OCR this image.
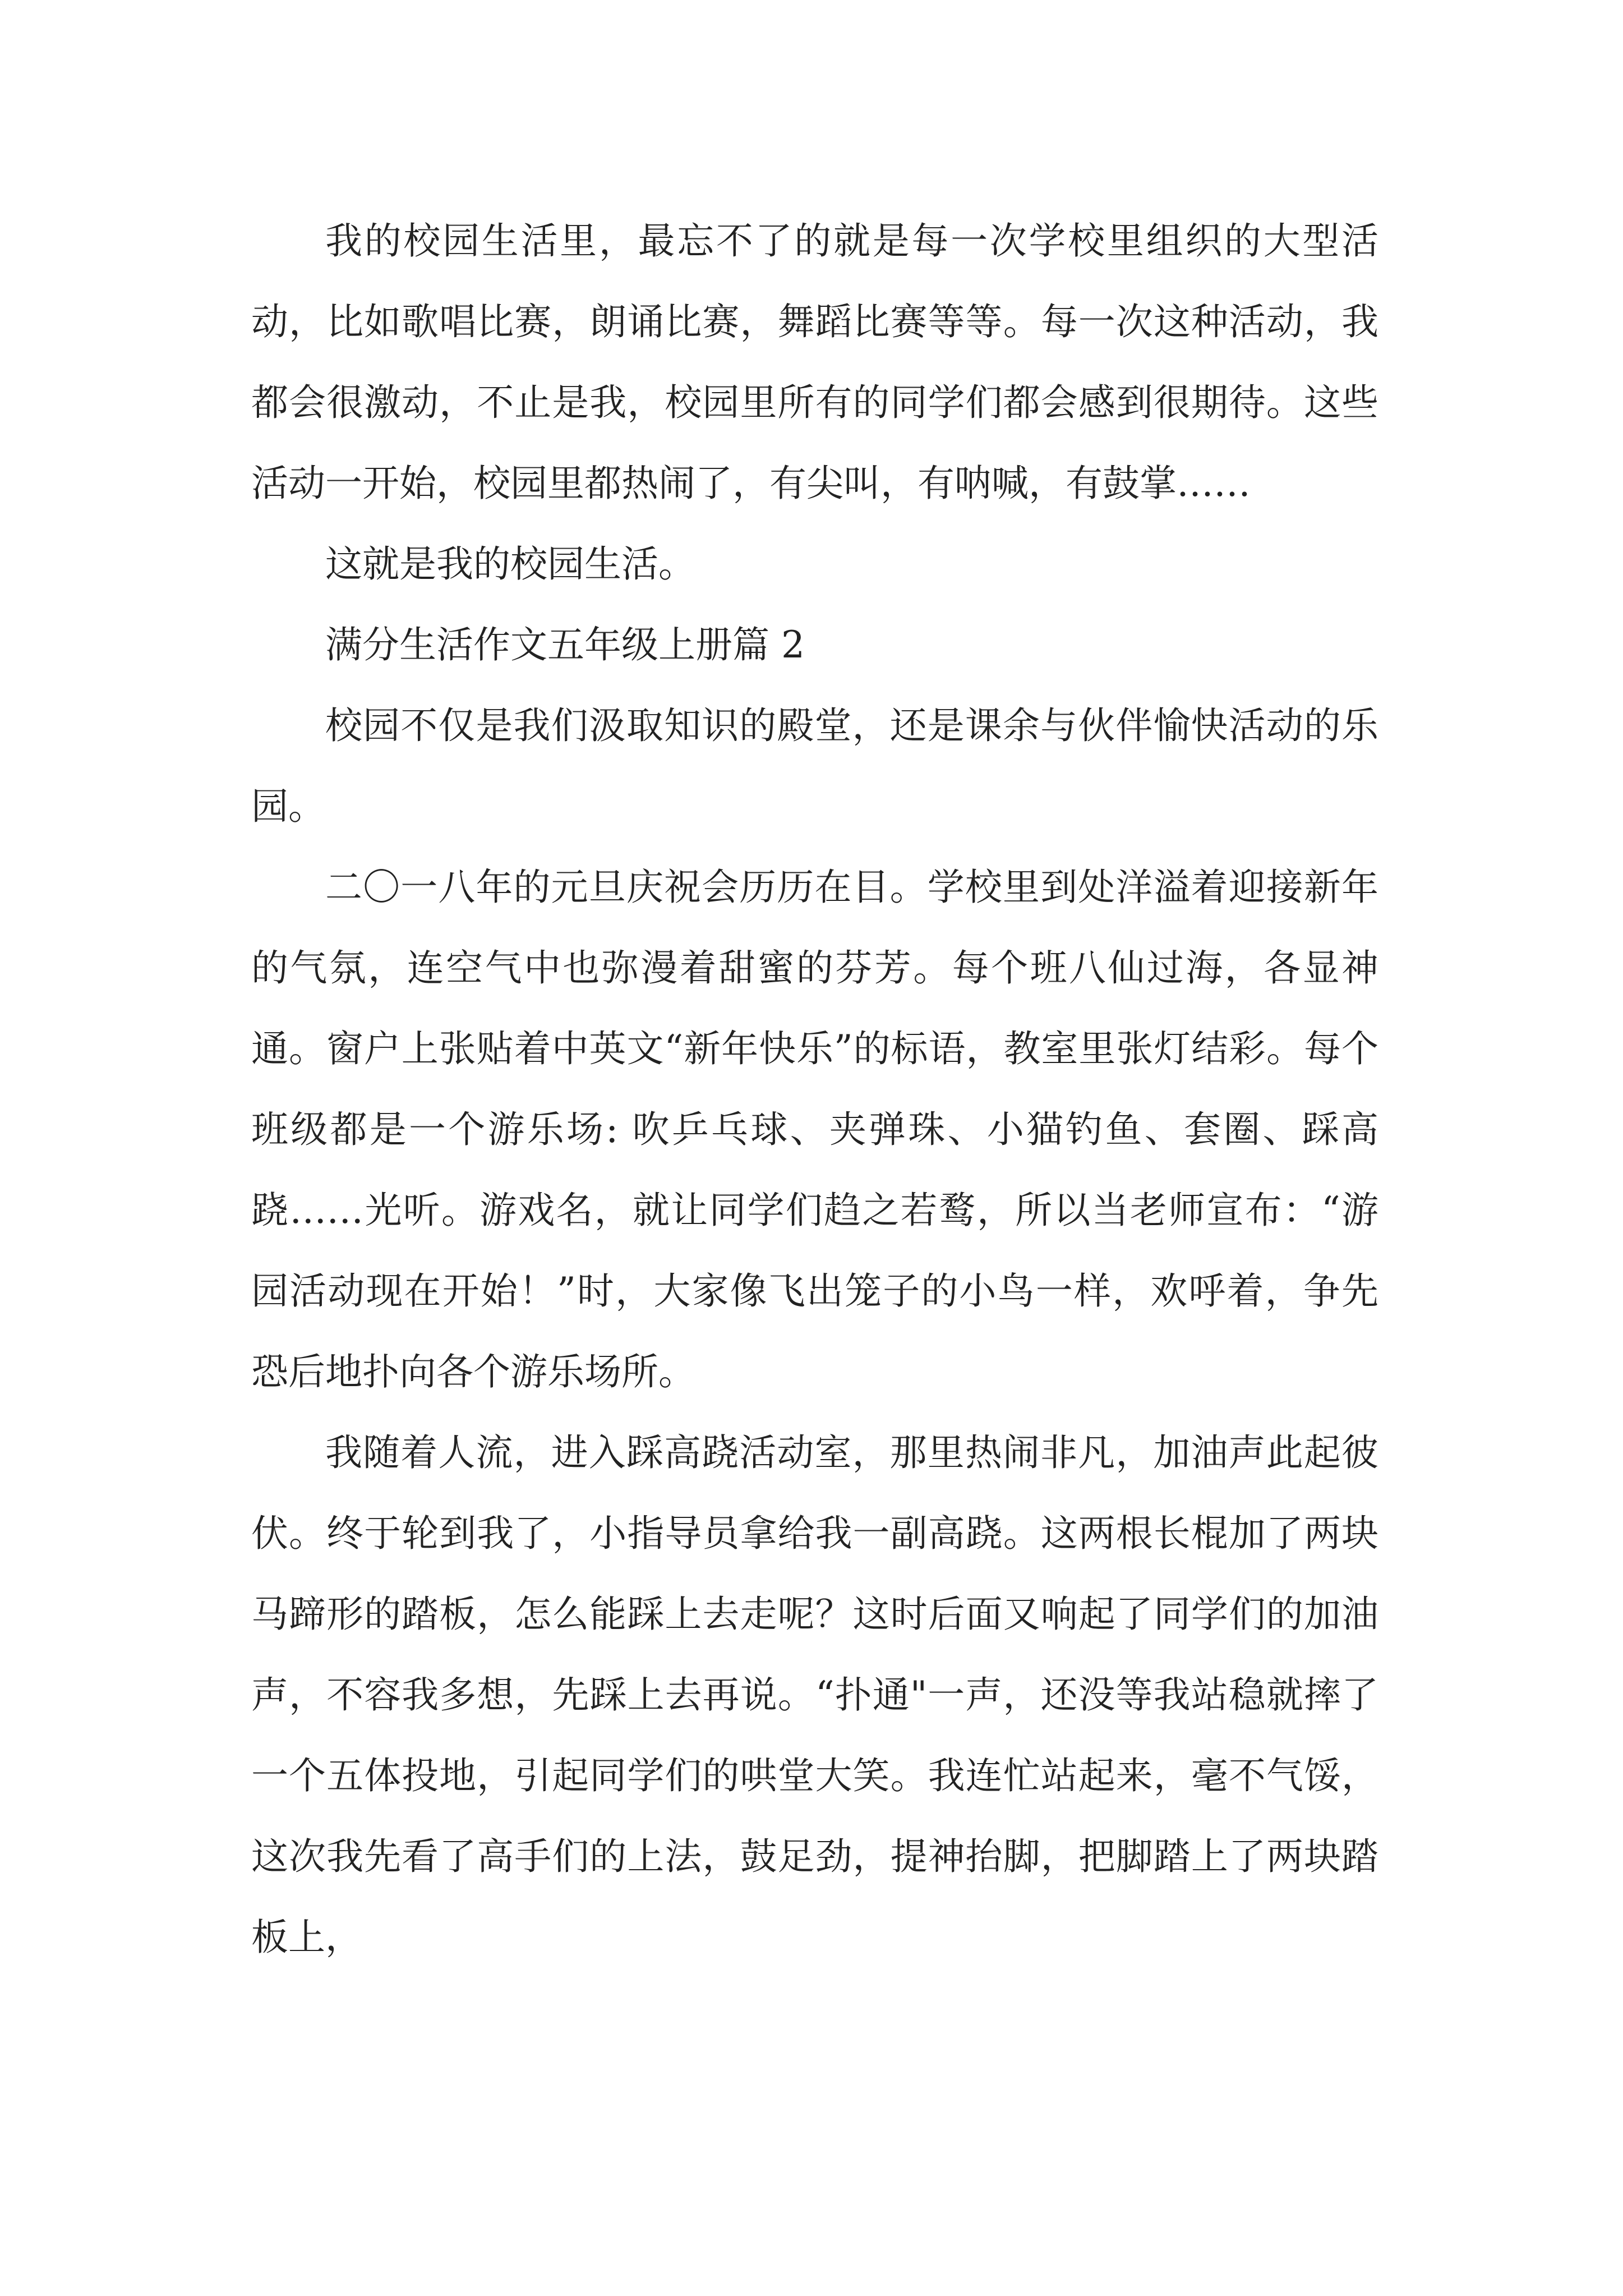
我的校园生活里，最忘不了的就是每一次学校里组织的大型活动，比如歌唱比赛，朗诵比赛，舞蹈比赛等等。每一次这种活动，我都会很激动，不止是我，校园里所有的同学们都会感到很期待。这些活动一开始，校园里都热闹了，有尖叫，有呐喊，有鼓掌……

这就是我的校园生活。

满分生活作文五年级上册篇 2

校园不仅是我们汲取知识的殿堂，还是课余与伙伴愉快活动的乐园。

二〇一八年的元旦庆祝会历历在目。学校里到处洋溢着迎接新年的气氛，连空气中也弥漫着甜蜜的芬芳。每个班八仙过海，各显神通。窗户上张贴着中英文“新年快乐”的标语，教室里张灯结彩。每个班级都是一个游乐场: 吹乒乓球、夹弹珠、小猫钓鱼、套圈、踩高跷……光听。游戏名，就让同学们趋之若鹜，所以当老师宣布：“游园活动现在开始！”时，大家像飞出笼子的小鸟一样，欢呼着，争先恐后地扑向各个游乐场所。

我随着人流，进入踩高跷活动室，那里热闹非凡，加油声此起彼伏。终于轮到我了，小指导员拿给我一副高跷。这两根长棍加了两块马蹄形的踏板，怎么能踩上去走呢？这时后面又响起了同学们的加油声，不容我多想，先踩上去再说。“扑通"一声，还没等我站稳就摔了一个五体投地，引起同学们的哄堂大笑。我连忙站起来，毫不气馁，这次我先看了高手们的上法，鼓足劲，提神抬脚，把脚踏上了两块踏板上，
